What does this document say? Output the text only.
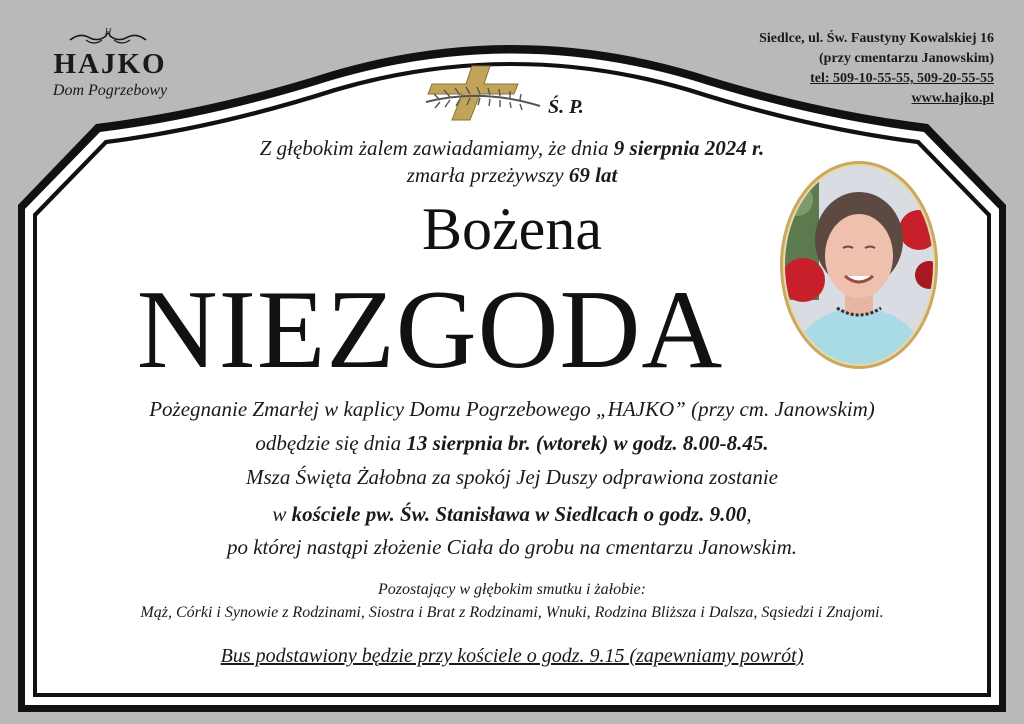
H
HAJKO
Dom Pogrzebowy
Siedlce, ul. Św. Faustyny Kowalskiej 16
(przy cmentarzu Janowskim)
tel: 509-10-55-55, 509-20-55-55
www.hajko.pl
Ś. P.
Z głębokim żalem zawiadamiamy, że dnia 9 sierpnia 2024 r.
zmarła przeżywszy 69 lat
Bożena
NIEZGODA
Pożegnanie Zmarłej w kaplicy Domu Pogrzebowego „HAJKO” (przy cm. Janowskim)
odbędzie się dnia 13 sierpnia br. (wtorek) w godz. 8.00-8.45.
Msza Święta Żałobna za spokój Jej Duszy odprawiona zostanie
w kościele pw. Św. Stanisława w Siedlcach o godz. 9.00,
po której nastąpi złożenie Ciała do grobu na cmentarzu Janowskim.
Pozostający w głębokim smutku i żałobie:
Mąż, Córki i Synowie z Rodzinami, Siostra i Brat z Rodzinami, Wnuki, Rodzina Bliższa i Dalsza, Sąsiedzi i Znajomi.
Bus podstawiony będzie przy kościele o godz. 9.15 (zapewniamy powrót)
